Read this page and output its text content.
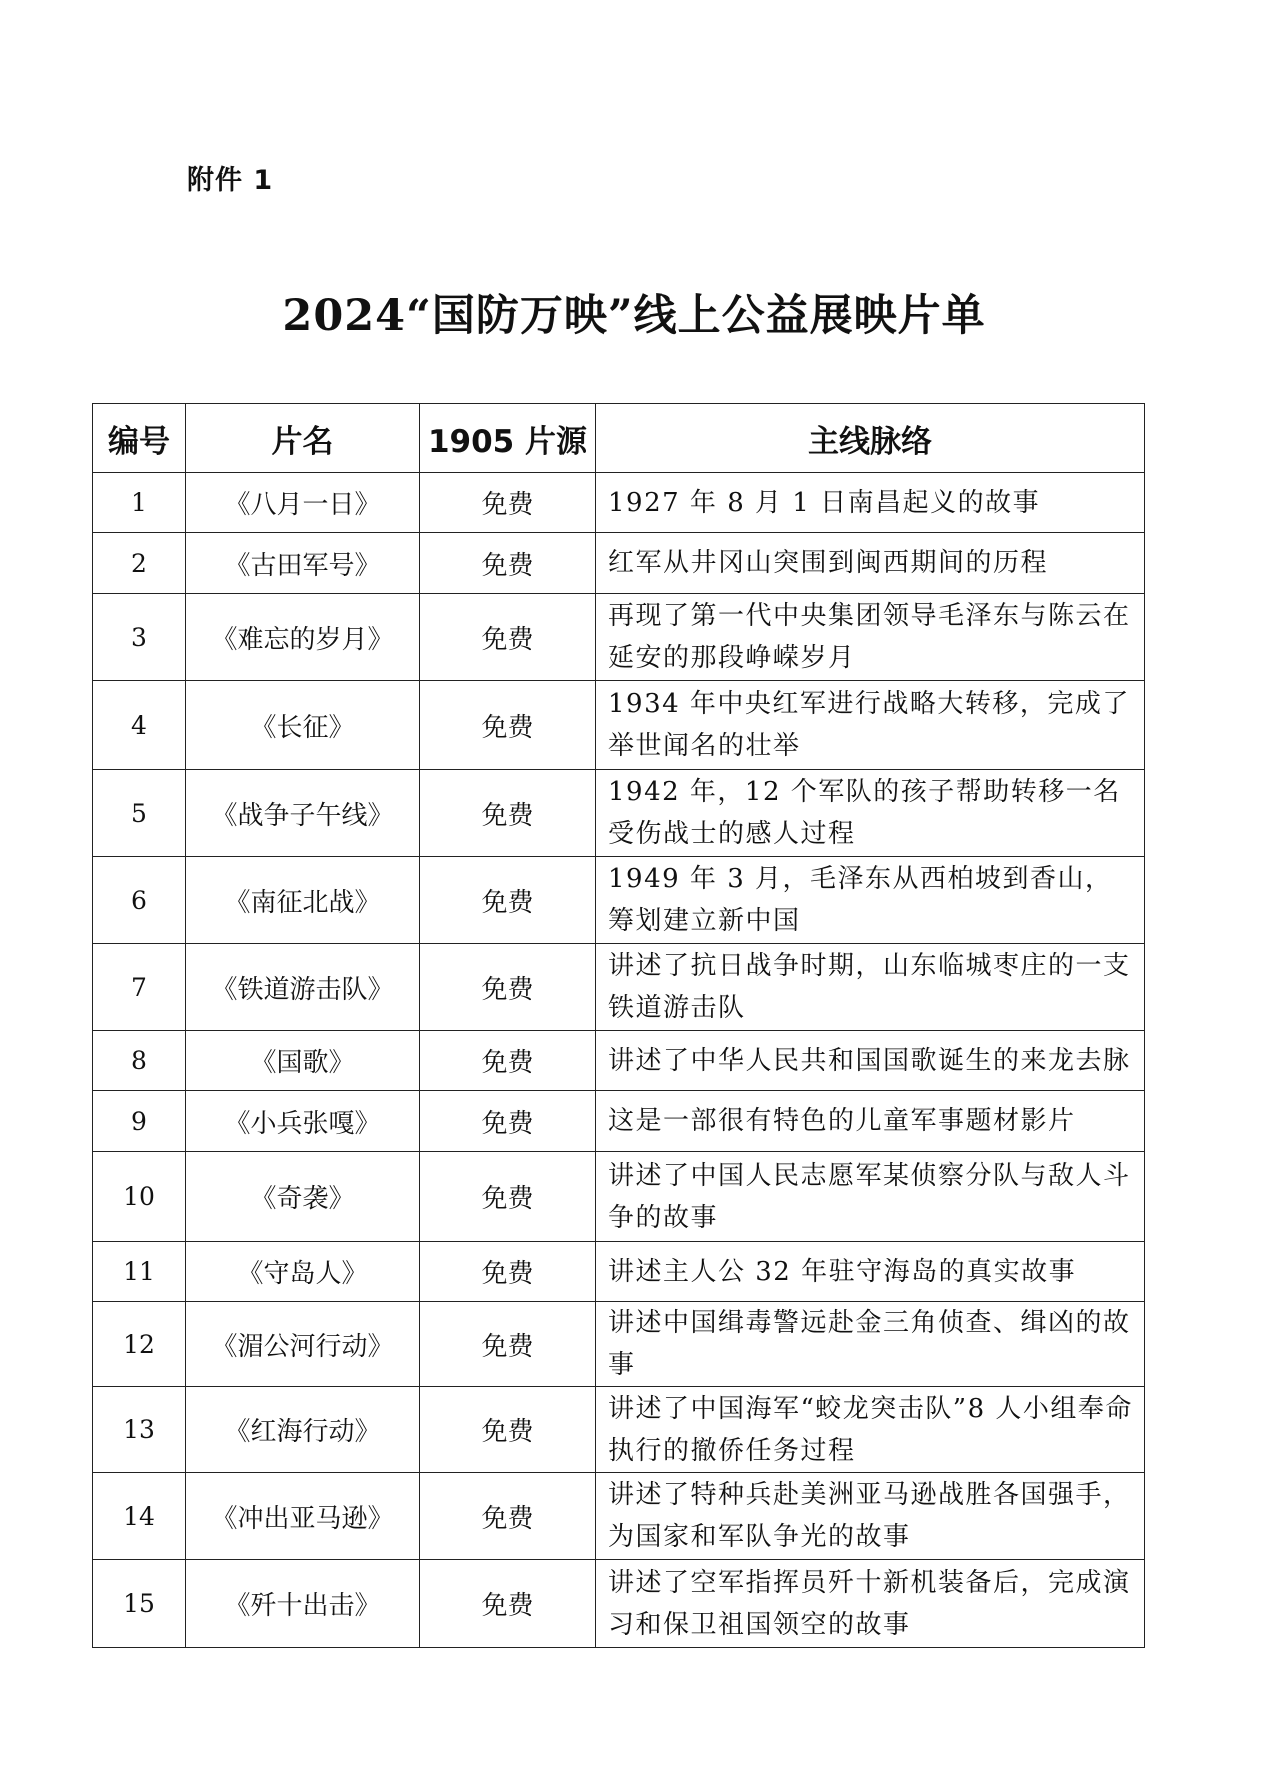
附件 1
2024“国防万映”线上公益展映片单
编号	片名	1905 片源	主线脉络
1	《八月一日》	免费	1927 年 8 月 1 日南昌起义的故事
2	《古田军号》	免费	红军从井冈山突围到闽西期间的历程
3	《难忘的岁月》	免费	再现了第一代中央集团领导毛泽东与陈云在延安的那段峥嵘岁月
4	《长征》	免费	1934 年中央红军进行战略大转移，完成了举世闻名的壮举
5	《战争子午线》	免费	1942 年，12 个军队的孩子帮助转移一名受伤战士的感人过程
6	《南征北战》	免费	1949 年 3 月，毛泽东从西柏坡到香山，筹划建立新中国
7	《铁道游击队》	免费	讲述了抗日战争时期，山东临城枣庄的一支铁道游击队
8	《国歌》	免费	讲述了中华人民共和国国歌诞生的来龙去脉
9	《小兵张嘎》	免费	这是一部很有特色的儿童军事题材影片
10	《奇袭》	免费	讲述了中国人民志愿军某侦察分队与敌人斗争的故事
11	《守岛人》	免费	讲述主人公 32 年驻守海岛的真实故事
12	《湄公河行动》	免费	讲述中国缉毒警远赴金三角侦查、缉凶的故事
13	《红海行动》	免费	讲述了中国海军“蛟龙突击队”8 人小组奉命执行的撤侨任务过程
14	《冲出亚马逊》	免费	讲述了特种兵赴美洲亚马逊战胜各国强手，为国家和军队争光的故事
15	《歼十出击》	免费	讲述了空军指挥员歼十新机装备后，完成演习和保卫祖国领空的故事
